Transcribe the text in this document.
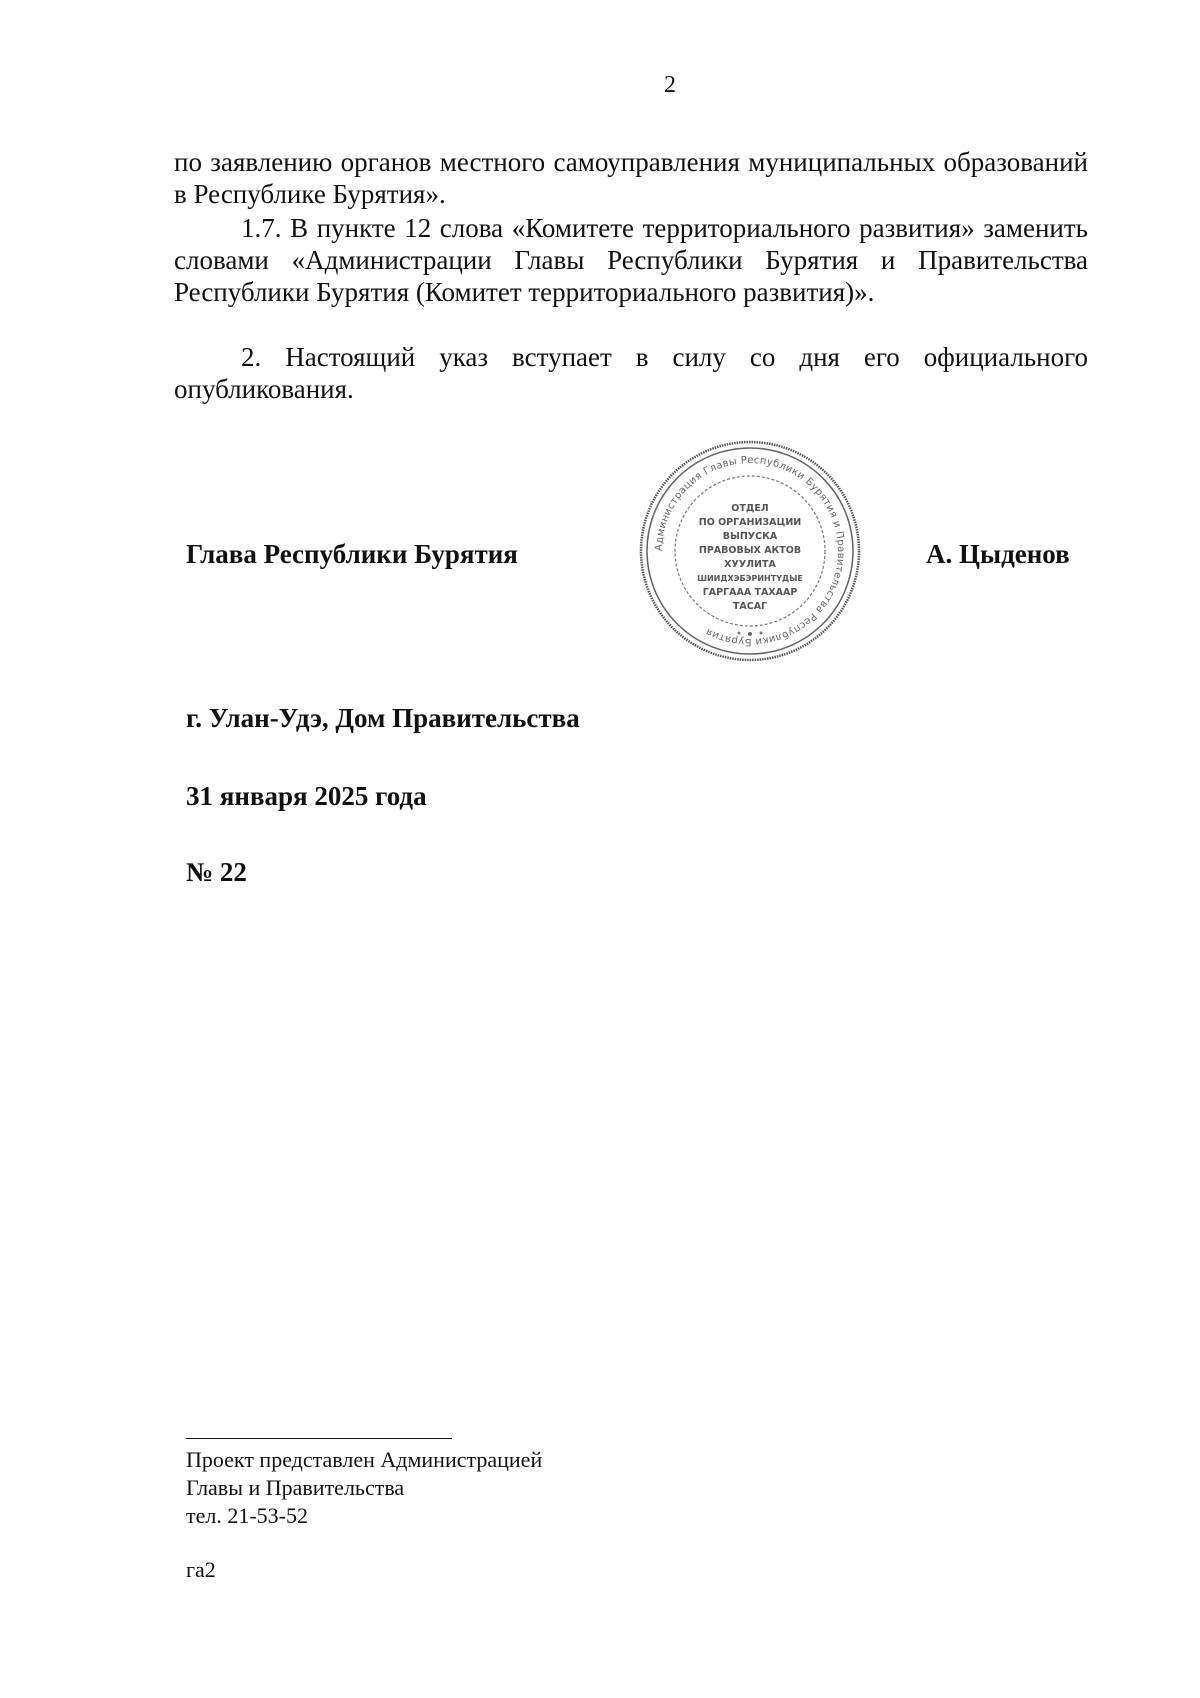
2

по заявлению органов местного самоуправления муниципальных образований в Республике Бурятия».

1.7. В пункте 12 слова «Комитете территориального развития» заменить словами «Администрации Главы Республики Бурятия и Правительства Республики Бурятия (Комитет территориального развития)».

2. Настоящий указ вступает в силу со дня его официального опубликования.

Глава Республики Бурятия	Администрация Главы Республики Бурятия и Правительства Республики Бурятия
ОТДЕЛ
ПО ОРГАНИЗАЦИИ
ВЫПУСКА
ПРАВОВЫХ АКТОВ
ХУУЛИТА
ШИИДХЭБЭРИНТҮДЫЕ
ГАРГААА ТАХААР
ТАСАГ
А. Цыденов
г. Улан-Удэ, Дом Правительства
31 января 2025 года
№ 22
Проект представлен Администрацией
Главы и Правительства
тел. 21-53-52
га2
